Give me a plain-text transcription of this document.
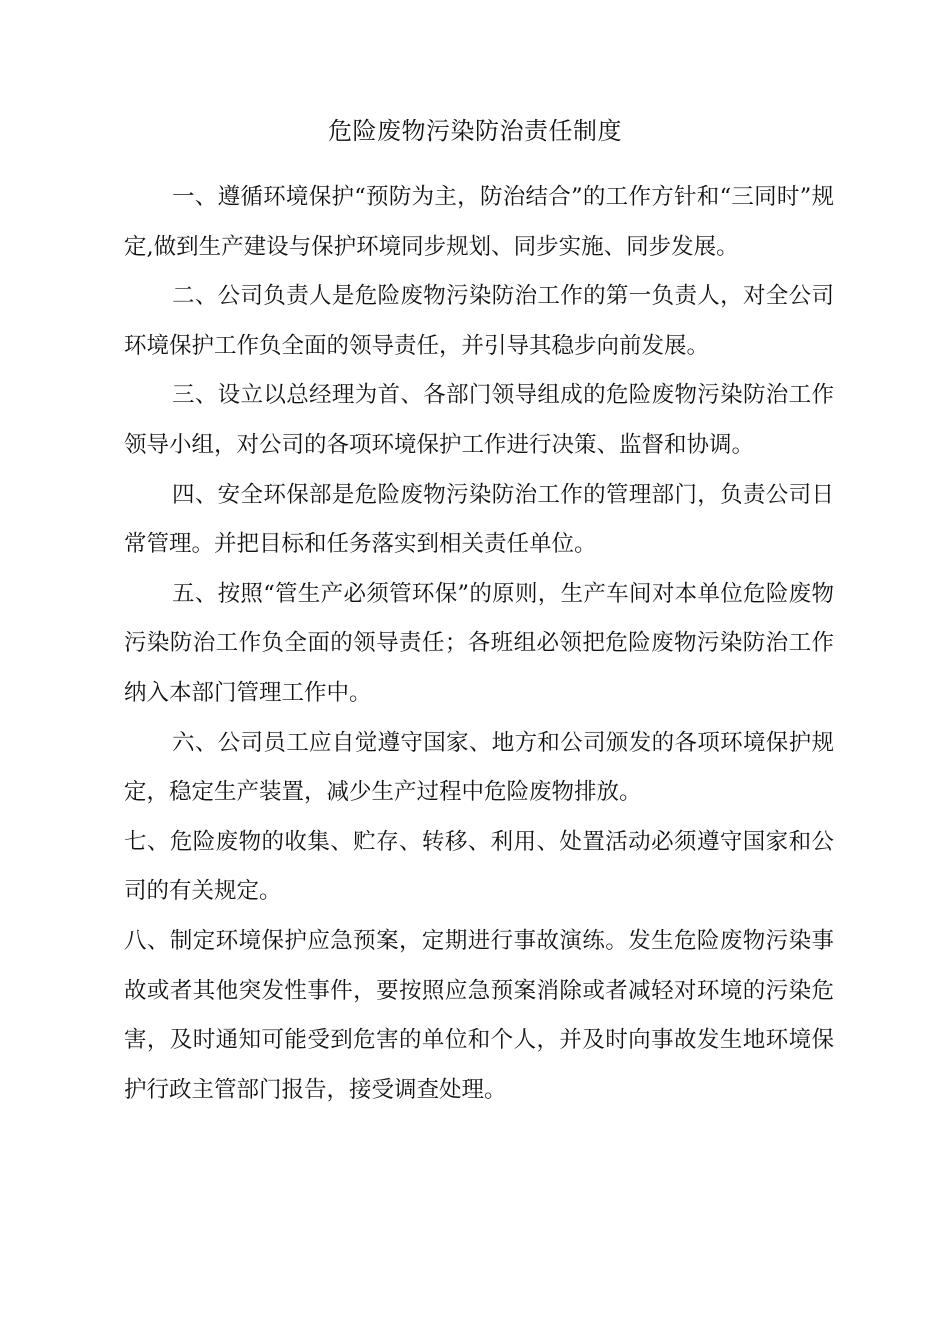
危险废物污染防治责任制度

一、遵循环境保护“预防为主，防治结合”的工作方针和“三同时”规定,做到生产建设与保护环境同步规划、同步实施、同步发展。

二、公司负责人是危险废物污染防治工作的第一负责人，对全公司环境保护工作负全面的领导责任，并引导其稳步向前发展。

三、设立以总经理为首、各部门领导组成的危险废物污染防治工作领导小组，对公司的各项环境保护工作进行决策、监督和协调。

四、安全环保部是危险废物污染防治工作的管理部门，负责公司日常管理。并把目标和任务落实到相关责任单位。

五、按照“管生产必须管环保”的原则，生产车间对本单位危险废物污染防治工作负全面的领导责任；各班组必领把危险废物污染防治工作纳入本部门管理工作中。

六、公司员工应自觉遵守国家、地方和公司颁发的各项环境保护规定，稳定生产装置，减少生产过程中危险废物排放。

七、危险废物的收集、贮存、转移、利用、处置活动必须遵守国家和公司的有关规定。

八、制定环境保护应急预案，定期进行事故演练。发生危险废物污染事故或者其他突发性事件，要按照应急预案消除或者减轻对环境的污染危害，及时通知可能受到危害的单位和个人，并及时向事故发生地环境保护行政主管部门报告，接受调查处理。
